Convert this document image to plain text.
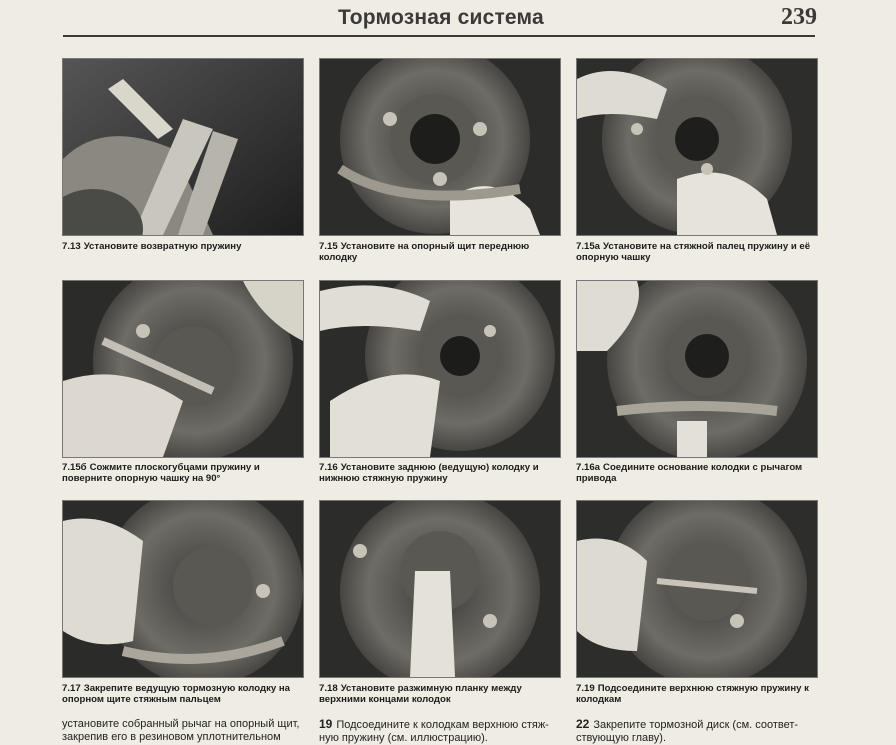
Тормозная система	239
7.13 Установите возвратную пружину	7.15 Установите на опорный щит переднюю колодку
7.15a Установите на стяжной палец пружину и её опорную чашку
7.15б Сожмите плоскогубцами пружину и поверните опорную чашку на 90°
7.16 Установите заднюю (ведущую) колодку и нижнюю стяжную пружину
7.16a Соедините основание колодки с рычагом привода
7.17 Закрепите ведущую тормозную колодку на опорном щите стяжным пальцем
7.18 Установите разжимную планку между верхними концами колодок
7.19 Подсоедините верхнюю стяжную пружину к колодкам
установите собранный рычаг на опорный щит,
закрепив его в резиновом уплотнительном
19 Подсоедините к колодкам верхнюю стяж-
ную пружину (см. иллюстрацию).
22 Закрепите тормозной диск (см. соответ-
ствующую главу).
